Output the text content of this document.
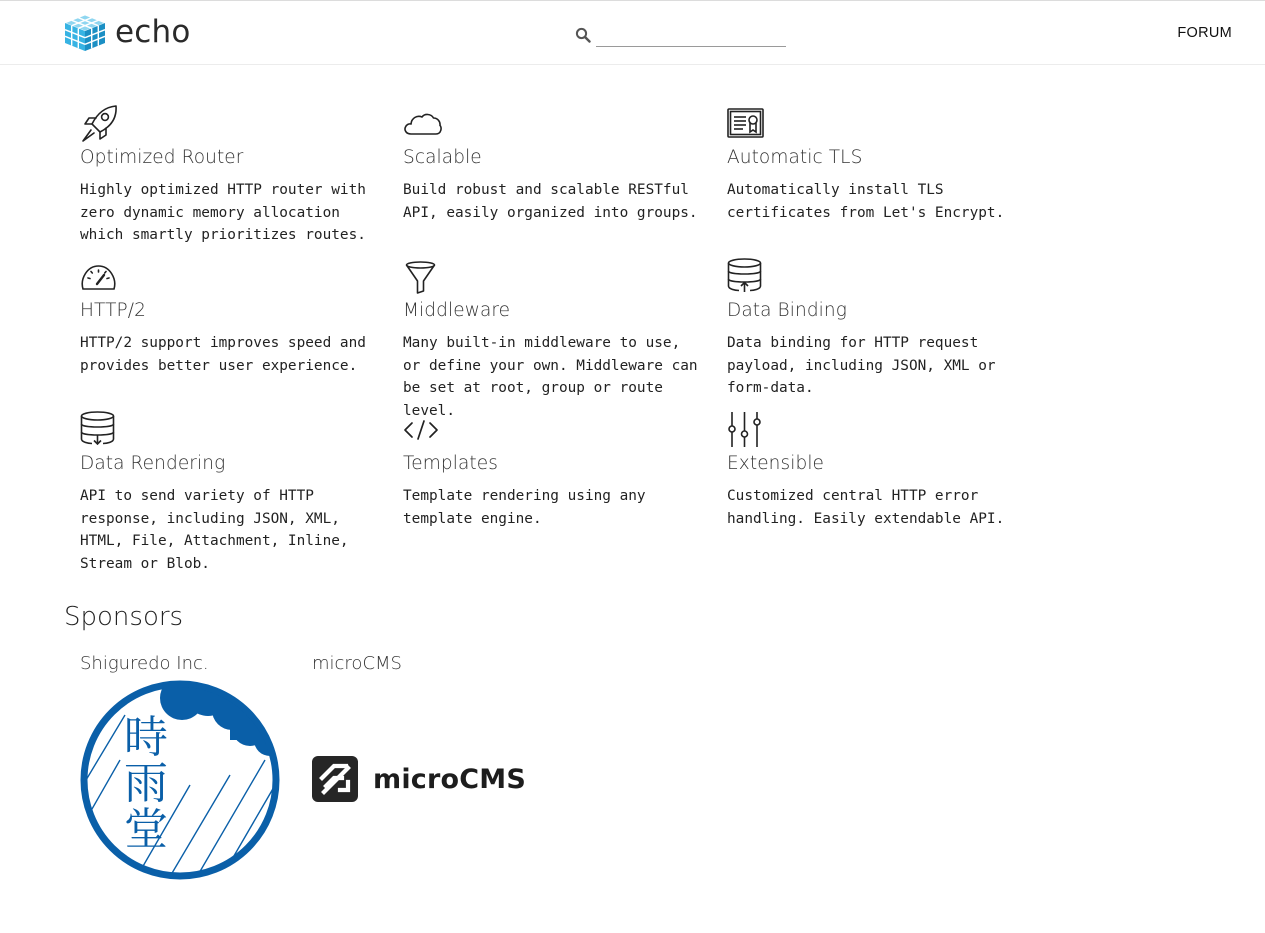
echo	FORUM
Optimized Router
Highly optimized HTTP router with zero dynamic memory allocation which smartly prioritizes routes.
Scalable
Build robust and scalable RESTful API, easily organized into groups.
Automatic TLS
Automatically install TLS certificates from Let's Encrypt.
HTTP/2
HTTP/2 support improves speed and provides better user experience.
Middleware
Many built-in middleware to use, or define your own. Middleware can be set at root, group or route level.
Data Binding
Data binding for HTTP request payload, including JSON, XML or form-data.
Data Rendering
API to send variety of HTTP response, including JSON, XML, HTML, File, Attachment, Inline, Stream or Blob.
Templates
Template rendering using any template engine.
Extensible
Customized central HTTP error handling. Easily extendable API.
Sponsors
Shiguredo Inc.
時
雨
堂
microCMS
microCMS
